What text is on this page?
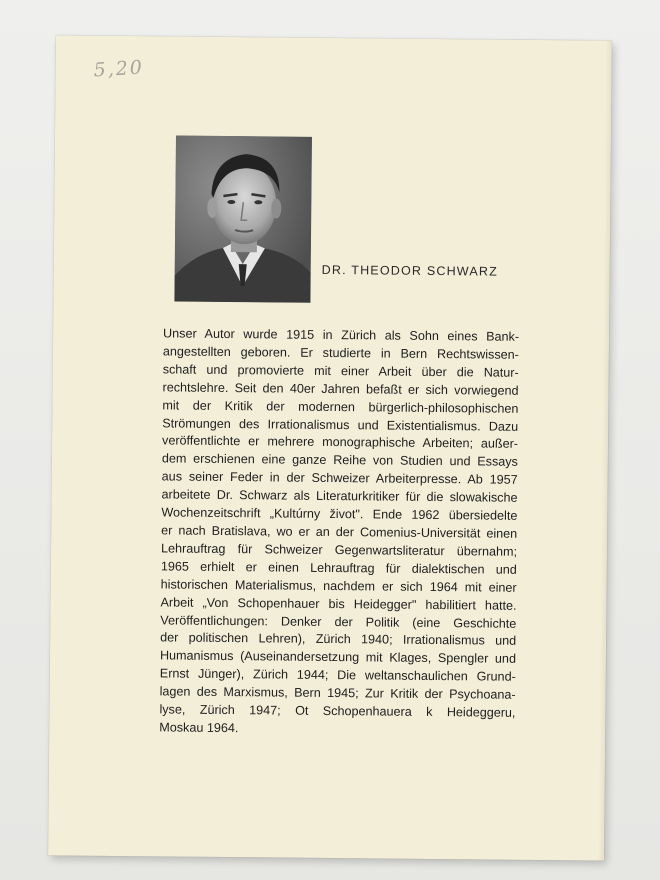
5,20
DR. THEODOR SCHWARZ
Unser Autor wurde 1915 in Zürich als Sohn eines Bank-
angestellten geboren. Er studierte in Bern Rechtswissen-
schaft und promovierte mit einer Arbeit über die Natur-
rechtslehre. Seit den 40er Jahren befaßt er sich vorwiegend
mit der Kritik der modernen bürgerlich-philosophischen
Strömungen des Irrationalismus und Existentialismus. Dazu
veröffentlichte er mehrere monographische Arbeiten; außer-
dem erschienen eine ganze Reihe von Studien und Essays
aus seiner Feder in der Schweizer Arbeiterpresse. Ab 1957
arbeitete Dr. Schwarz als Literaturkritiker für die slowakische
Wochenzeitschrift „Kultúrny život". Ende 1962 übersiedelte
er nach Bratislava, wo er an der Comenius-Universität einen
Lehrauftrag für Schweizer Gegenwartsliteratur übernahm;
1965 erhielt er einen Lehrauftrag für dialektischen und
historischen Materialismus, nachdem er sich 1964 mit einer
Arbeit „Von Schopenhauer bis Heidegger" habilitiert hatte.
Veröffentlichungen: Denker der Politik (eine Geschichte
der politischen Lehren), Zürich 1940; Irrationalismus und
Humanismus (Auseinandersetzung mit Klages, Spengler und
Ernst Jünger), Zürich 1944; Die weltanschaulichen Grund-
lagen des Marxismus, Bern 1945; Zur Kritik der Psychoana-
lyse, Zürich 1947; Ot Schopenhauera k Heideggeru,
Moskau 1964.
